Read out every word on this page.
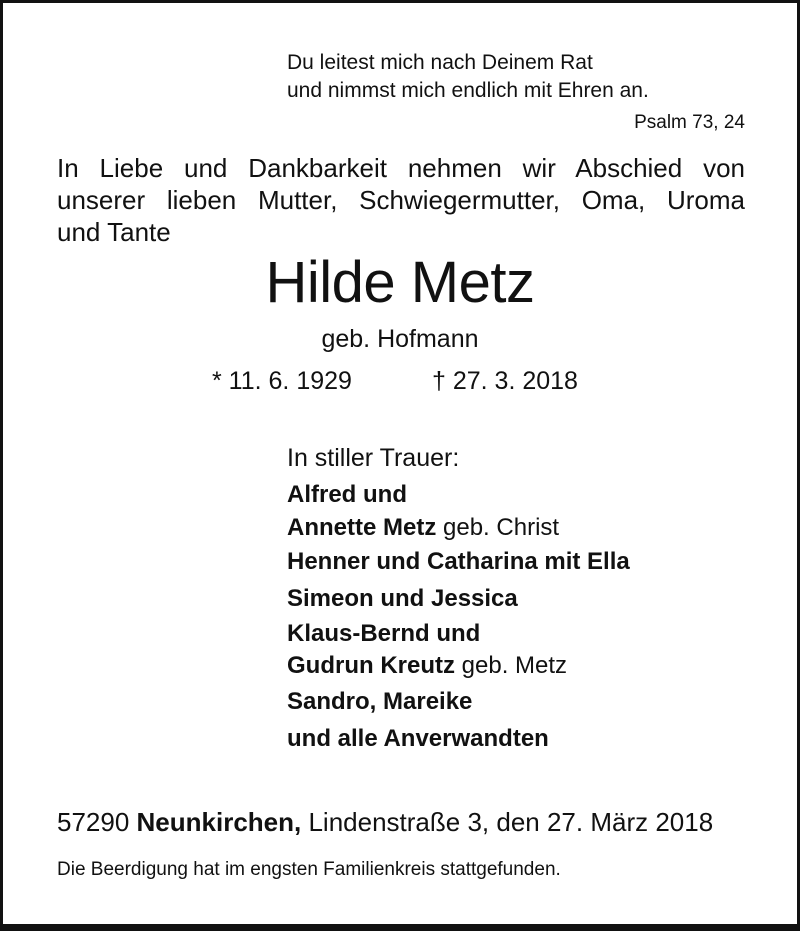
Du leitest mich nach Deinem Rat
und nimmst mich endlich mit Ehren an.
Psalm 73, 24
In Liebe und Dankbarkeit nehmen wir Abschied von
unserer lieben Mutter, Schwiegermutter, Oma, Uroma
und Tante
Hilde Metz
geb. Hofmann
* 11. 6. 1929	† 27. 3. 2018
In stiller Trauer:
Alfred und
Annette Metz geb. Christ
Henner und Catharina mit Ella
Simeon und Jessica
Klaus-Bernd und
Gudrun Kreutz geb. Metz
Sandro, Mareike
und alle Anverwandten
57290 Neunkirchen, Lindenstraße 3, den 27. März 2018
Die Beerdigung hat im engsten Familienkreis stattgefunden.
